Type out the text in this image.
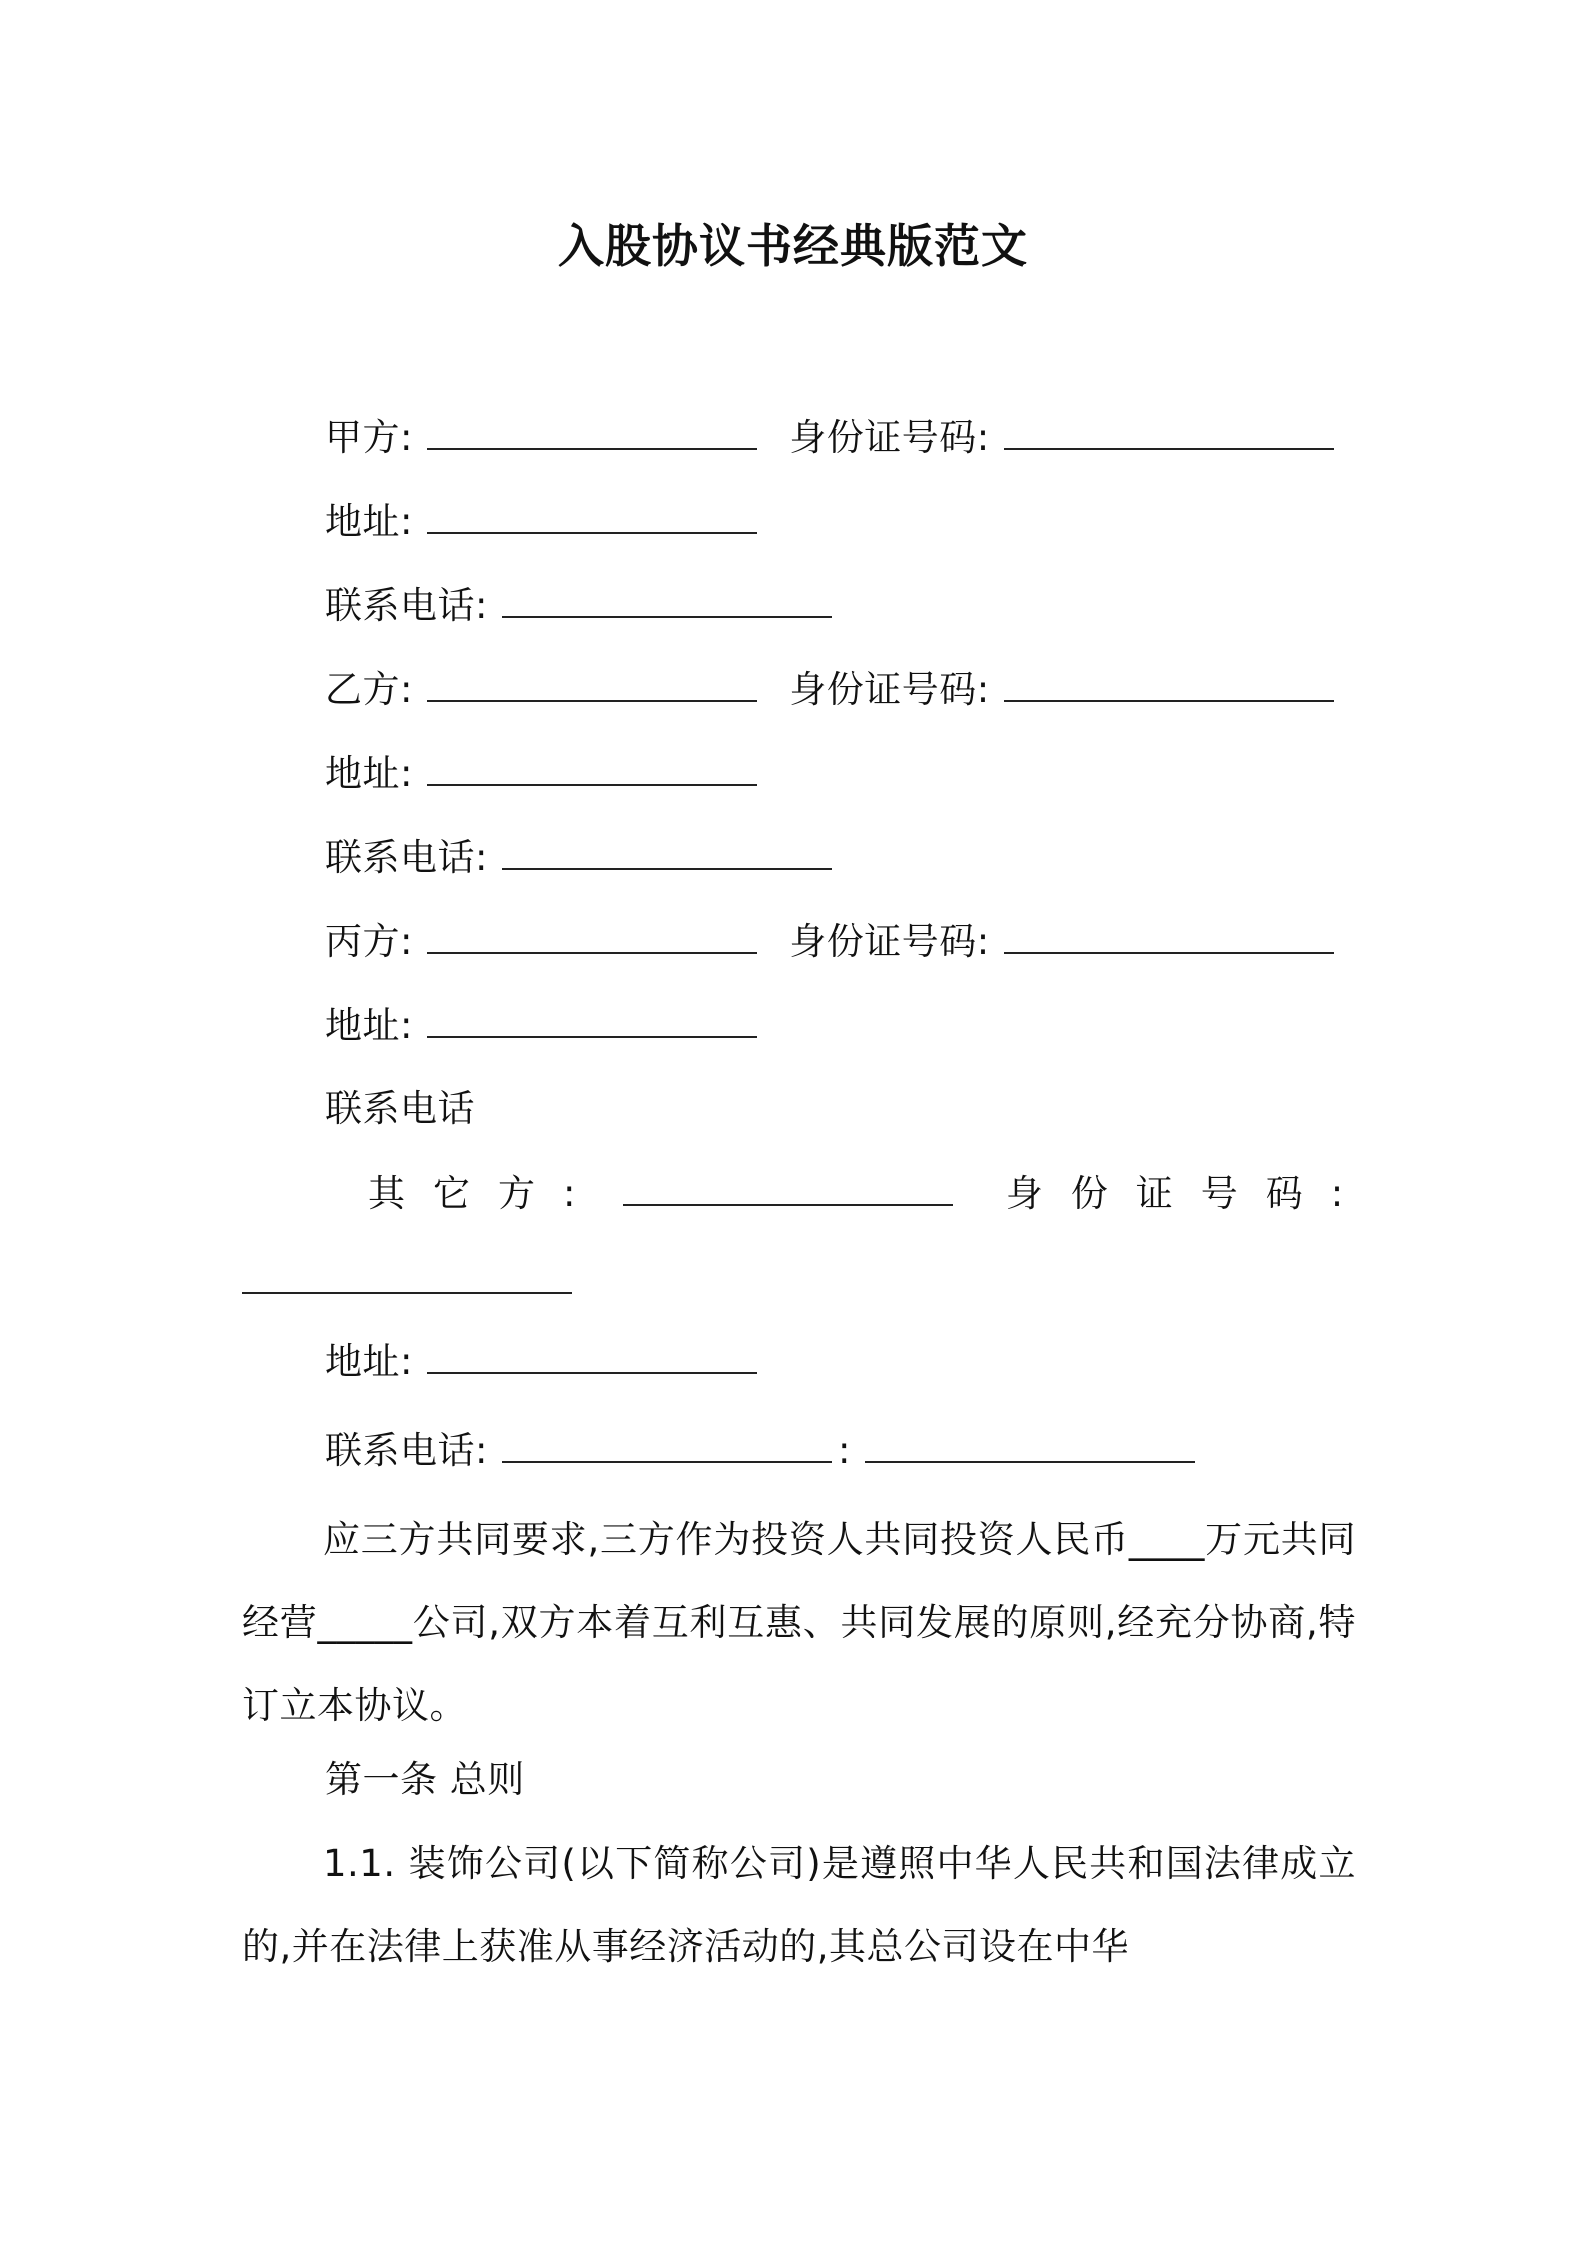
入股协议书经典版范文
甲方:	身份证号码:
地址:
联系电话:
乙方:	身份证号码:
地址:
联系电话:
丙方:	身份证号码:
地址:
联系电话
其它方:	身份证号码:
地址:
联系电话:	:
应三方共同要求,三方作为投资人共同投资人民币____万元共同经营_____公司,双方本着互利互惠、共同发展的原则,经充分协商,特订立本协议。
第一条 总则
1.1. 装饰公司(以下简称公司)是遵照中华人民共和国法律成立的,并在法律上获准从事经济活动的,其总公司设在中华
